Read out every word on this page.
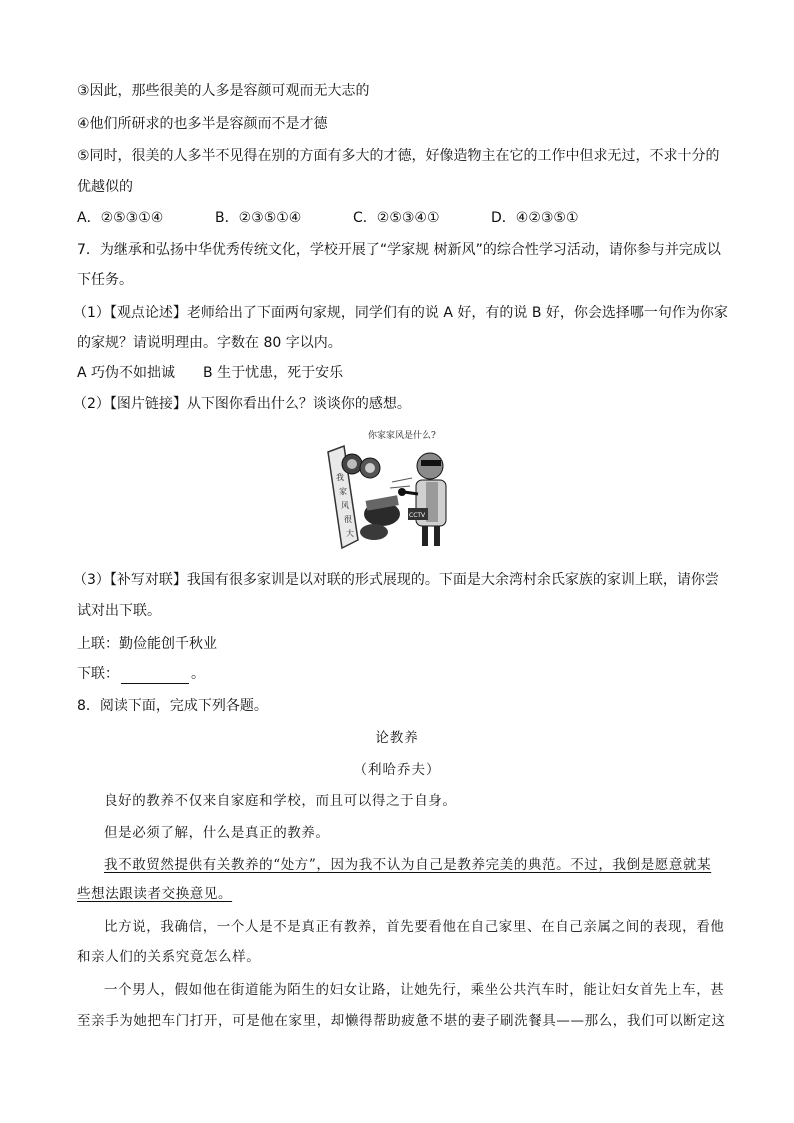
③因此，那些很美的人多是容颜可观而无大志的
④他们所研求的也多半是容颜而不是才德
⑤同时，很美的人多半不见得在别的方面有多大的才德，好像造物主在它的工作中但求无过，不求十分的
优越似的
A．②⑤③①④	B．②③⑤①④	C．②⑤③④①	D．④②③⑤①
7．为继承和弘扬中华优秀传统文化，学校开展了“学家规 树新风”的综合性学习活动，请你参与并完成以
下任务。
（1）【观点论述】老师给出了下面两句家规，同学们有的说 A 好，有的说 B 好，你会选择哪一句作为你家
的家规？请说明理由。字数在 80 字以内。
A 巧伪不如拙诚　　B 生于忧患，死于安乐
（2）【图片链接】从下图你看出什么？谈谈你的感想。
你家家风是什么?
我
家
风
很
大
CCTV
（3）【补写对联】我国有很多家训是以对联的形式展现的。下面是大余湾村余氏家族的家训上联，请你尝
试对出下联。
上联：勤俭能创千秋业
下联：	。
8．阅读下面，完成下列各题。
论教养
（利哈乔夫）
良好的教养不仅来自家庭和学校，而且可以得之于自身。
但是必须了解，什么是真正的教养。
我不敢贸然提供有关教养的“处方”，因为我不认为自己是教养完美的典范。不过，我倒是愿意就某
些想法跟读者交换意见。
比方说，我确信，一个人是不是真正有教养，首先要看他在自己家里、在自己亲属之间的表现，看他
和亲人们的关系究竟怎么样。
一个男人，假如他在街道能为陌生的妇女让路，让她先行，乘坐公共汽车时，能让妇女首先上车，甚
至亲手为她把车门打开，可是他在家里，却懒得帮助疲惫不堪的妻子刷洗餐具——那么，我们可以断定这
